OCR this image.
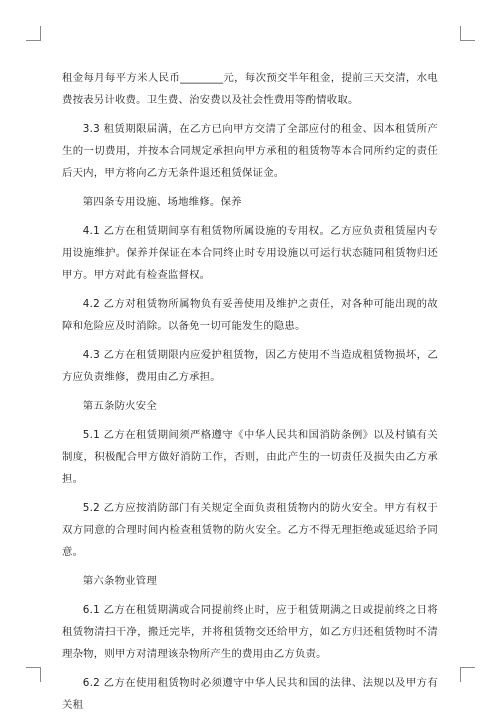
租金每月每平方米人民币________元，每次预交半年租金，提前三天交清，水电费按表另计收费。卫生费、治安费以及社会性费用等酌情收取。

3.3 租赁期限届满，在乙方已向甲方交清了全部应付的租金、因本租赁所产生的一切费用，并按本合同规定承担向甲方承租的租赁物等本合同所约定的责任后天内，甲方将向乙方无条件退还租赁保证金。

第四条专用设施、场地维修。保养

4.1 乙方在租赁期间享有租赁物所属设施的专用权。乙方应负责租赁屋内专用设施维护。保养并保证在本合同终止时专用设施以可运行状态随同租赁物归还甲方。甲方对此有检查监督权。

4.2 乙方对租赁物所属物负有妥善使用及维护之责任，对各种可能出现的故障和危险应及时消除。以备免一切可能发生的隐患。

4.3 乙方在租赁期限内应爱护租赁物，因乙方使用不当造成租赁物损坏，乙方应负责维修，费用由乙方承担。

第五条防火安全

5.1 乙方在租赁期间须严格遵守《中华人民共和国消防条例》以及村镇有关制度，积极配合甲方做好消防工作，否则，由此产生的一切责任及损失由乙方承担。

5.2 乙方应按消防部门有关规定全面负责租赁物内的防火安全。甲方有权于双方同意的合理时间内检查租赁物的防火安全。乙方不得无理拒绝或延迟给予同意。

第六条物业管理

6.1 乙方在租赁期满或合同提前终止时，应于租赁期满之日或提前终之日将租赁物清扫干净，搬迁完毕，并将租赁物交还给甲方，如乙方归还租赁物时不清理杂物，则甲方对清理该杂物所产生的费用由乙方负责。

6.2 乙方在使用租赁物时必须遵守中华人民共和国的法律、法规以及甲方有关租
